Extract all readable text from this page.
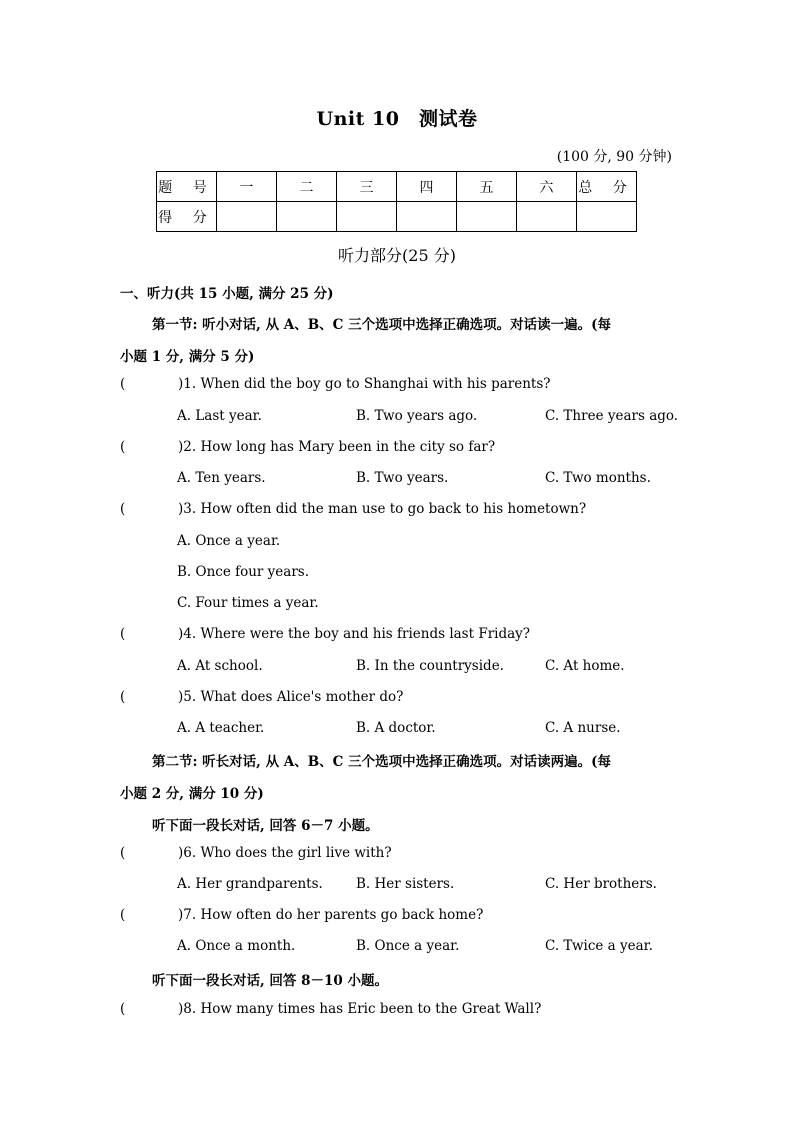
Unit 10　测试卷
(100 分, 90 分钟)
题 号	一	二	三	四	五	六	总 分
得 分							
听力部分(25 分)
一、听力(共 15 小题, 满分 25 分)
第一节: 听小对话, 从 A、B、C 三个选项中选择正确选项。对话读一遍。(每
小题 1 分, 满分 5 分)
(	)1. When did the boy go to Shanghai with his parents?
A. Last year.	B. Two years ago.	C. Three years ago.
(	)2. How long has Mary been in the city so far?
A. Ten years.	B. Two years.	C. Two months.
(	)3. How often did the man use to go back to his hometown?
A. Once a year.
B. Once four years.
C. Four times a year.
(	)4. Where were the boy and his friends last Friday?
A. At school.	B. In the countryside.	C. At home.
(	)5. What does Alice's mother do?
A. A teacher.	B. A doctor.	C. A nurse.
第二节: 听长对话, 从 A、B、C 三个选项中选择正确选项。对话读两遍。(每
小题 2 分, 满分 10 分)
听下面一段长对话, 回答 6－7 小题。
(	)6. Who does the girl live with?
A. Her grandparents. B. Her sisters.	C. Her brothers.
(	)7. How often do her parents go back home?
A. Once a month.	B. Once a year.	C. Twice a year.
听下面一段长对话, 回答 8－10 小题。
(	)8. How many times has Eric been to the Great Wall?
